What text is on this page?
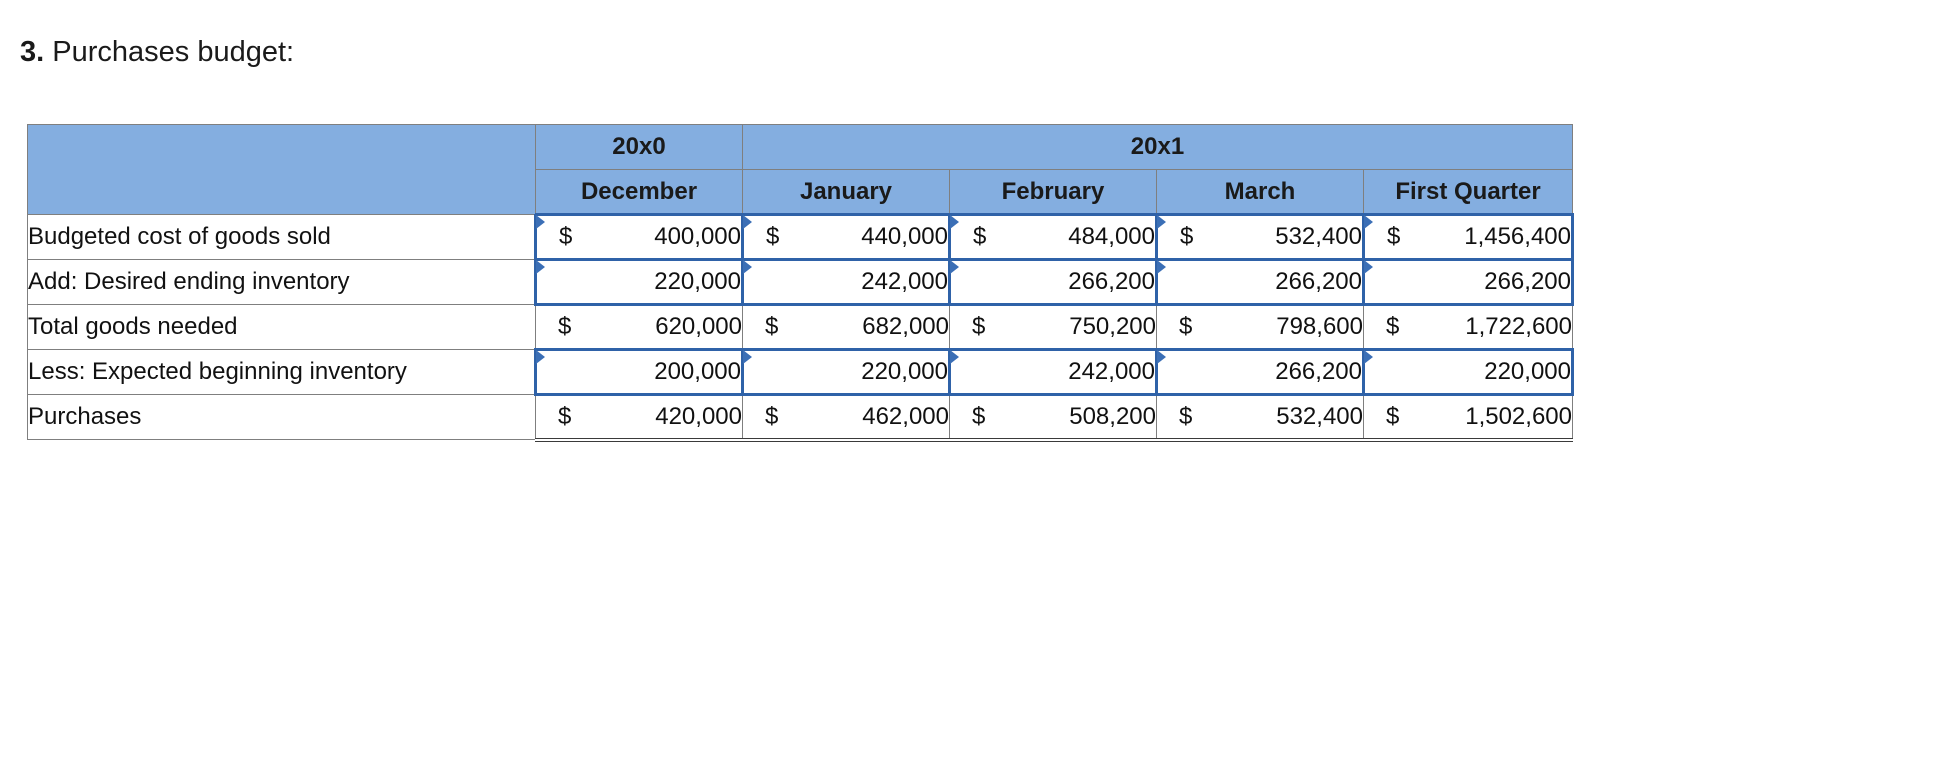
3. Purchases budget:
	20x0	20x1			
	December	January	February	March	First Quarter
Budgeted cost of goods sold	$ 400,000	$ 440,000	$ 484,000	$ 532,400	$ 1,456,400

Add: Desired ending inventory	220,000	242,000	266,200	266,200	266,200

Total goods needed	$ 620,000	$ 682,000	$ 750,200	$ 798,600	$ 1,722,600

Less: Expected beginning inventory	200,000	220,000	242,000	266,200	220,000

Purchases	$ 420,000	$ 462,000	$ 508,200	$ 532,400	$ 1,502,600
